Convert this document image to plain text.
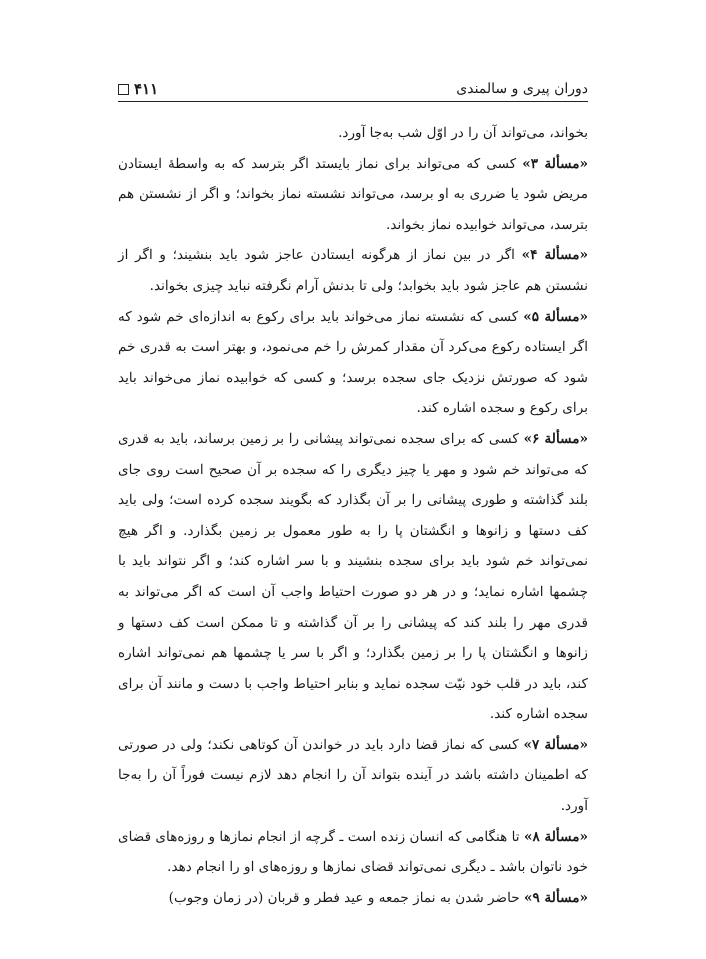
دوران پیری و سالمندی
۴۱۱

بخواند، می‌تواند آن را در اوّل شب به‌جا آورد.

«مسألة ۳» کسی که می‌تواند برای نماز بایستد اگر بترسد که به واسطهٔ ایستادن مریض شود یا ضرری به او برسد، می‌تواند نشسته نماز بخواند؛ و اگر از نشستن هم بترسد، می‌تواند خوابیده نماز بخواند.

«مسألة ۴» اگر در بین نماز از هرگونه ایستادن عاجز شود باید بنشیند؛ و اگر از نشستن هم عاجز شود باید بخوابد؛ ولی تا بدنش آرام نگرفته نباید چیزی بخواند.

«مسألة ۵» کسی که نشسته نماز می‌خواند باید برای رکوع به اندازه‌ای خم شود که اگر ایستاده رکوع می‌کرد آن مقدار کمرش را خم می‌نمود، و بهتر است به قدری خم شود که صورتش نزدیک جای سجده برسد؛ و کسی که خوابیده نماز می‌خواند باید برای رکوع و سجده اشاره کند.

«مسألة ۶» کسی که برای سجده نمی‌تواند پیشانی را بر زمین برساند، باید به قدری که می‌تواند خم شود و مهر یا چیز دیگری را که سجده بر آن صحیح است روی جای بلند گذاشته و طوری پیشانی را بر آن بگذارد که بگویند سجده کرده است؛ ولی باید کف دستها و زانوها و انگشتان پا را به طور معمول بر زمین بگذارد. و اگر هیچ نمی‌تواند خم شود باید برای سجده بنشیند و با سر اشاره کند؛ و اگر نتواند باید با چشمها اشاره نماید؛ و در هر دو صورت احتیاط واجب آن است که اگر می‌تواند به قدری مهر را بلند کند که پیشانی را بر آن گذاشته و تا ممکن است کف دستها و زانوها و انگشتان پا را بر زمین بگذارد؛ و اگر با سر یا چشمها هم نمی‌تواند اشاره کند، باید در قلب خود نیّت سجده نماید و بنابر احتیاط واجب با دست و مانند آن برای سجده اشاره کند.

«مسألة ۷» کسی که نماز قضا دارد باید در خواندن آن کوتاهی نکند؛ ولی در صورتی که اطمینان داشته باشد در آینده بتواند آن را انجام دهد لازم نیست فوراً آن را به‌جا آورد.

«مسألة ۸» تا هنگامی که انسان زنده است ـ گرچه از انجام نمازها و روزه‌های قضای خود ناتوان باشد ـ دیگری نمی‌تواند قضای نمازها و روزه‌های او را انجام دهد.

«مسألة ۹» حاضر شدن به نماز جمعه و عید فطر و قربان (در زمان وجوب)
